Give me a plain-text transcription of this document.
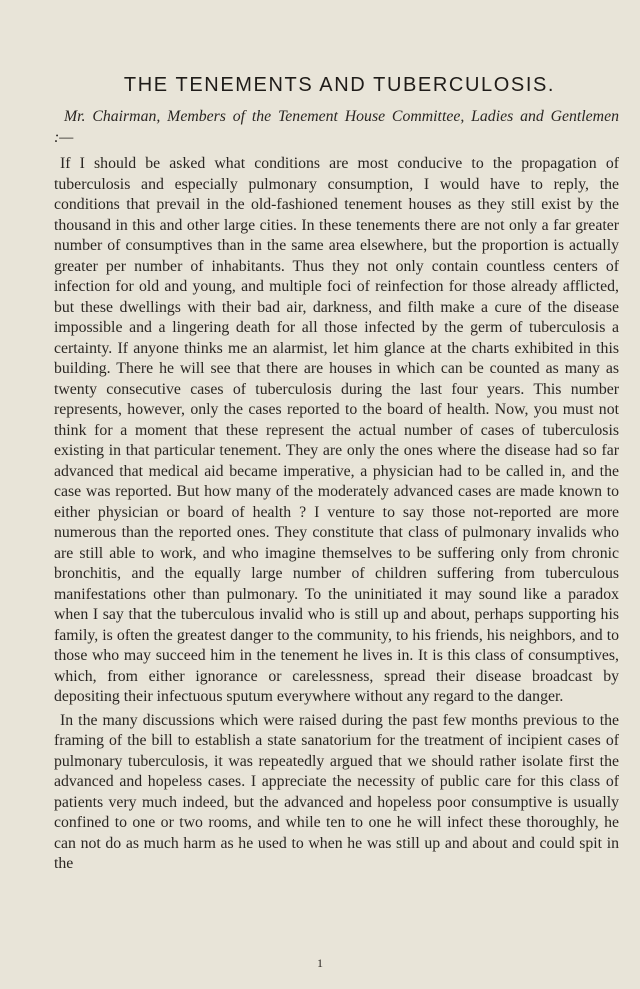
THE TENEMENTS AND TUBERCULOSIS.

Mr. Chairman, Members of the Tenement House Committee, Ladies and Gentlemen :—

If I should be asked what conditions are most conducive to the propagation of tuberculosis and especially pulmonary consumption, I would have to reply, the conditions that prevail in the old-fashioned tenement houses as they still exist by the thousand in this and other large cities. In these tenements there are not only a far greater number of consumptives than in the same area elsewhere, but the proportion is actually greater per number of inhabitants. Thus they not only contain countless centers of infection for old and young, and multiple foci of reinfection for those already afflicted, but these dwellings with their bad air, darkness, and filth make a cure of the disease impossible and a lingering death for all those infected by the germ of tuberculosis a certainty. If anyone thinks me an alarmist, let him glance at the charts exhibited in this building. There he will see that there are houses in which can be counted as many as twenty consecutive cases of tuberculosis during the last four years. This number represents, however, only the cases reported to the board of health. Now, you must not think for a moment that these represent the actual number of cases of tuberculosis existing in that particular tenement. They are only the ones where the disease had so far advanced that medical aid became imperative, a physician had to be called in, and the case was reported. But how many of the moderately advanced cases are made known to either physician or board of health ? I venture to say those not-reported are more numerous than the reported ones. They constitute that class of pulmonary invalids who are still able to work, and who imagine themselves to be suffering only from chronic bronchitis, and the equally large number of children suffering from tuberculous manifestations other than pulmonary. To the uninitiated it may sound like a paradox when I say that the tuberculous invalid who is still up and about, perhaps supporting his family, is often the greatest danger to the community, to his friends, his neighbors, and to those who may succeed him in the tenement he lives in. It is this class of consumptives, which, from either ignorance or carelessness, spread their disease broadcast by depositing their infectuous sputum everywhere without any regard to the danger.

In the many discussions which were raised during the past few months previous to the framing of the bill to establish a state sanatorium for the treatment of incipient cases of pulmonary tuberculosis, it was repeatedly argued that we should rather isolate first the advanced and hopeless cases. I appreciate the necessity of public care for this class of patients very much indeed, but the advanced and hopeless poor consumptive is usually confined to one or two rooms, and while ten to one he will infect these thoroughly, he can not do as much harm as he used to when he was still up and about and could spit in the

1
